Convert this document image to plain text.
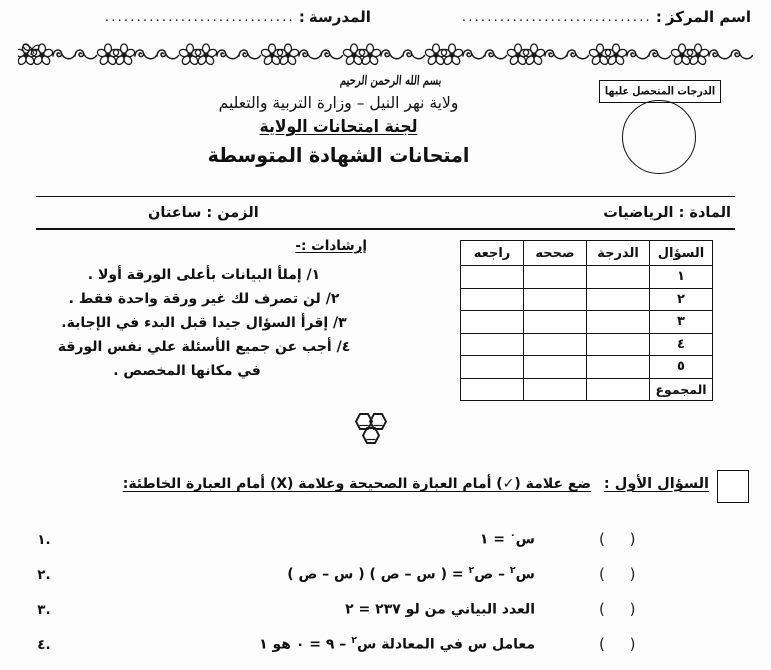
اسم المركز
:
..............................
المدرسة
:
..............................
بسم الله الرحمن الرحيم
الدرجات المتحصل عليها
ولاية نهر النيل – وزارة التربية والتعليم
لجنة امتحانات الولاية
امتحانات الشهادة المتوسطة
المادة : الرياضيات
الزمن : ساعتان
السؤال	الدرجة	صححه	راجعه
١			
٢			
٣			
٤			
٥			
المجموع			
إرشادات :-
١/ إملأ البيانات بأعلى الورقة أولا .
٢/ لن تصرف لك غير ورقة واحدة فقط .
٣/ إقرأ السؤال جيدا قبل البدء في الإجابة.
٤/ أجب عن جميع الأسئلة علي نفس الورقة
في مكانها المخصص .
السؤال الأول :
ضع علامة (✓) أمام العبارة الصحيحة وعلامة (X) أمام العبارة الخاطئة:
( )
س$^٠$ = ١
.١
( )
س$^٢$ – ص$^٢$ = ( س – ص ) ( س – ص )
.٢
( )
العدد البياني من لو ٢٣٧ = ٢
.٣
( )
معامل س في المعادلة س$^٢$ – ٩ = ٠ هو ١
.٤
